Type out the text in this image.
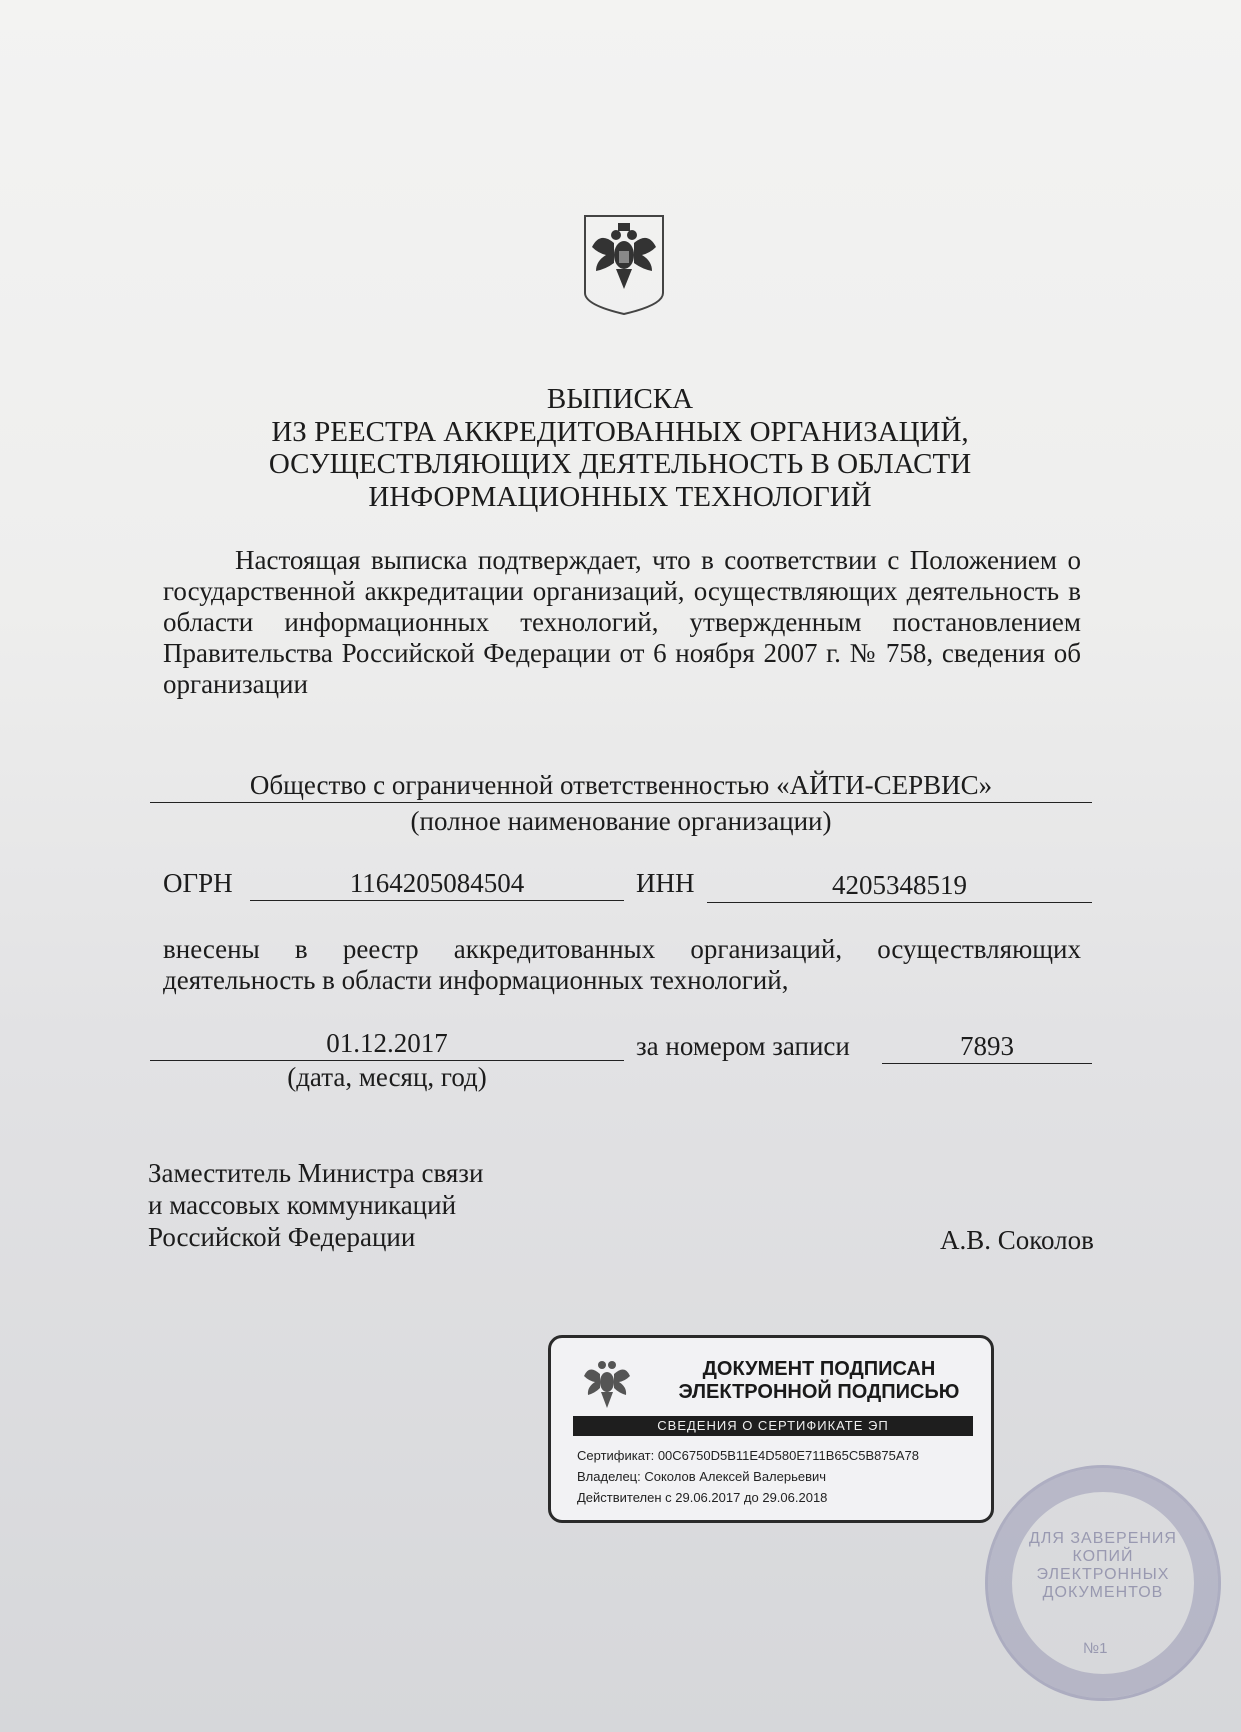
ВЫПИСКА
ИЗ РЕЕСТРА АККРЕДИТОВАННЫХ ОРГАНИЗАЦИЙ,
ОСУЩЕСТВЛЯЮЩИХ ДЕЯТЕЛЬНОСТЬ В ОБЛАСТИ
ИНФОРМАЦИОННЫХ ТЕХНОЛОГИЙ
Настоящая выписка подтверждает, что в соответствии с Положением о государственной аккредитации организаций, осуществляющих деятельность в области информационных технологий, утвержденным постановлением Правительства Российской Федерации от 6 ноября 2007 г. № 758, сведения об организации
Общество с ограниченной ответственностью «АЙТИ-СЕРВИС»
(полное наименование организации)
ОГРН	1164205084504	ИНН	4205348519
внесены в реестр аккредитованных организаций, осуществляющих деятельность в области информационных технологий,
01.12.2017
(дата, месяц, год)
за номером записи	7893
Заместитель Министра связи
и массовых коммуникаций
Российской Федерации	А.В. Соколов
ДОКУМЕНТ ПОДПИСАН
ЭЛЕКТРОННОЙ ПОДПИСЬЮ
СВЕДЕНИЯ О СЕРТИФИКАТЕ ЭП
Сертификат: 00C6750D5B11E4D580E711B65C5B875A78
Владелец: Соколов Алексей Валерьевич
Действителен с 29.06.2017 до 29.06.2018
ДЛЯ ЗАВЕРЕНИЯ КОПИЙ ЭЛЕКТРОННЫХ ДОКУМЕНТОВ
№1
